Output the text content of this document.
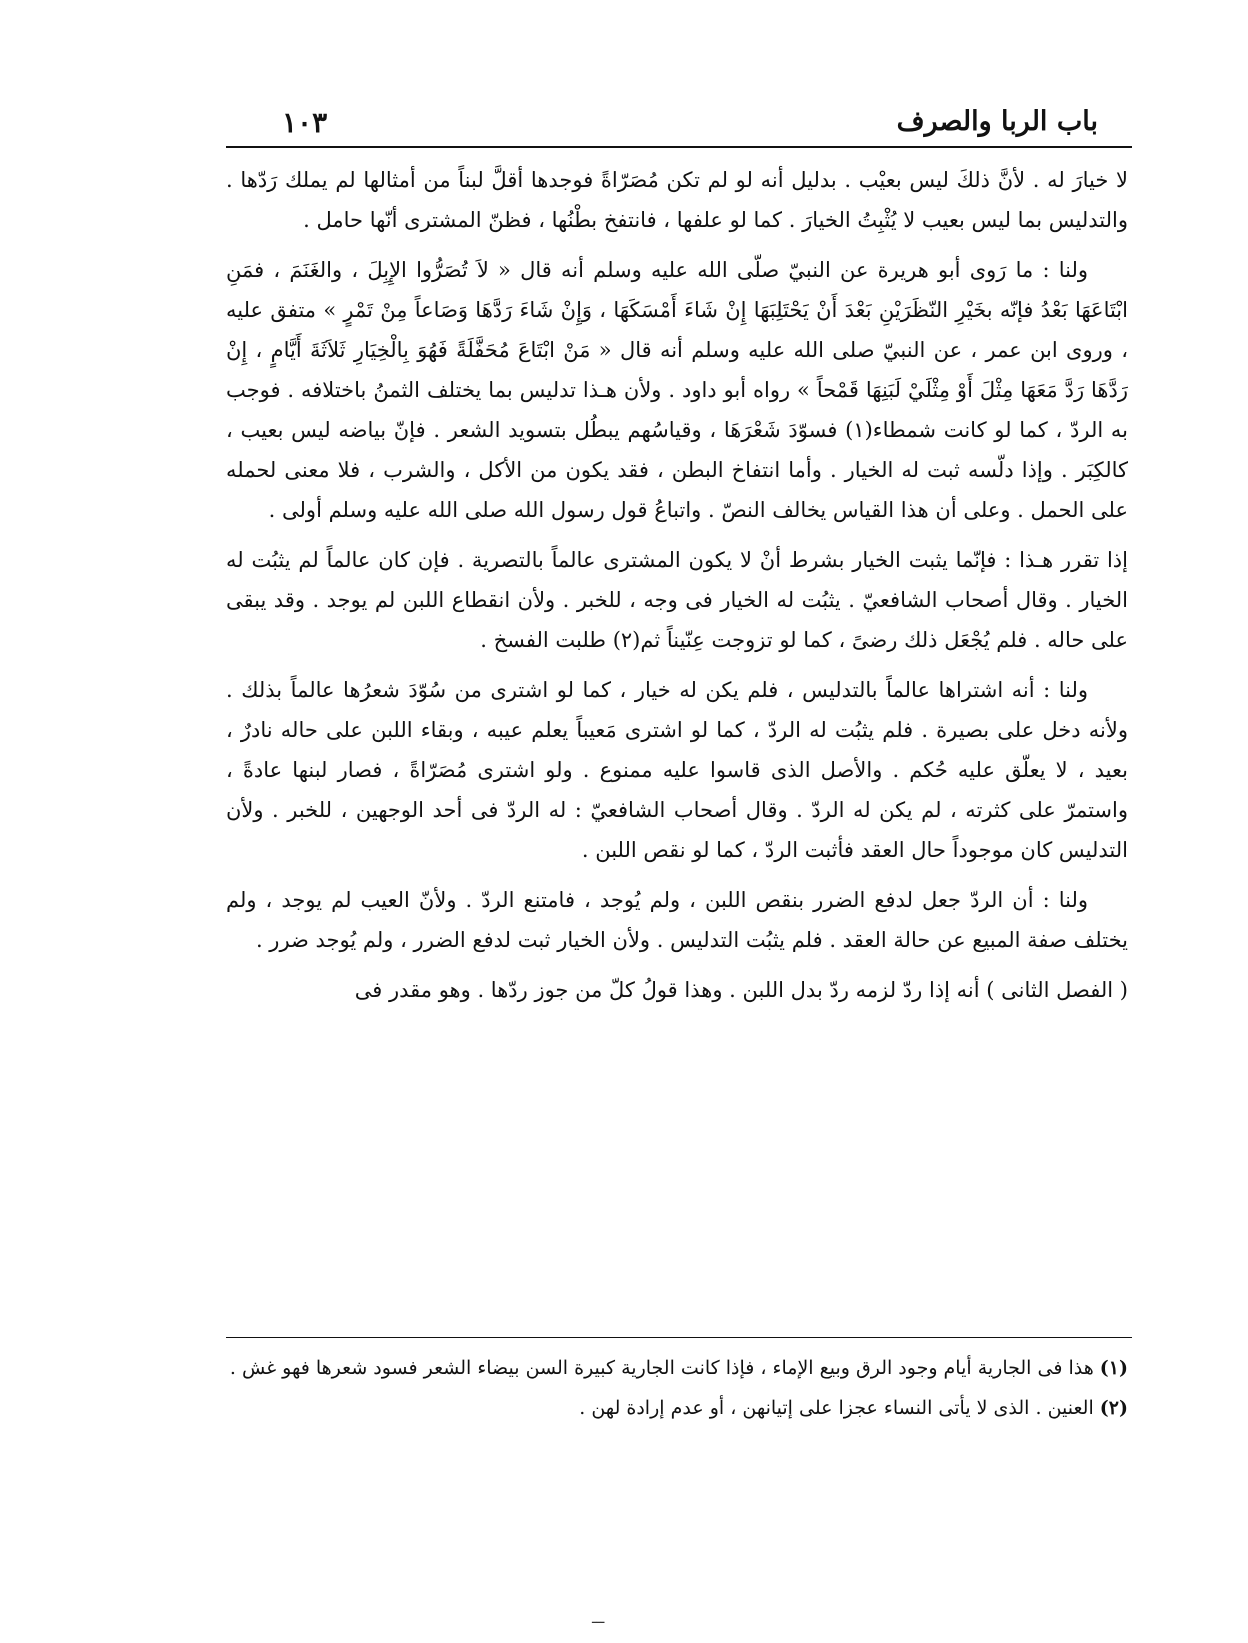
١٠٣	باب الربا والصرف

لا خيارَ له . لأنَّ ذلكَ ليس بعيْب . بدليل أنه لو لم تكن مُصَرّاةً فوجدها أقلَّ لبناً من أمثالها لم يملك رَدّها . والتدليس بما ليس بعيب لا يُثْبِتُ الخيارَ . كما لو علفها ، فانتفخ بطْنُها ، فظنّ المشترى أنّها حامل .

ولنا : ما رَوى أبو هريرة عن النبيّ صلّى الله عليه وسلم أنه قال « لاَ تُصَرُّوا الإِبِلَ ، والغَنَمَ ، فمَنِ ابْتَاعَهَا بَعْدُ فإنّه بخَيْرِ النّظَرَيْنِ بَعْدَ أَنْ يَحْتَلِبَهَا إِنْ شَاءَ أَمْسَكَهَا ، وَإِنْ شَاءَ رَدَّهَا وَصَاعاً مِنْ تَمْرٍ » متفق عليه ، وروى ابن عمر ، عن النبيّ صلى الله عليه وسلم أنه قال « مَنْ ابْتَاعَ مُحَفَّلَةً فَهُوَ بِالْخِيَارِ ثَلاَثَةَ أَيَّامٍ ، إِنْ رَدَّهَا رَدَّ مَعَهَا مِثْلَ أَوْ مِثْلَيْ لَبَنِهَا قَمْحاً » رواه أبو داود . ولأن هـذا تدليس بما يختلف الثمنُ باختلافه . فوجب به الردّ ، كما لو كانت شمطاء(١) فسوّدَ شَعْرَهَا ، وقياسُهم يبطُل بتسويد الشعر . فإنّ بياضه ليس بعيب ، كالكِبَر . وإذا دلّسه ثبت له الخيار . وأما انتفاخ البطن ، فقد يكون من الأكل ، والشرب ، فلا معنى لحمله على الحمل . وعلى أن هذا القياس يخالف النصّ . واتباعُ قول رسول الله صلى الله عليه وسلم أولى .

إذا تقرر هـذا : فإنّما يثبت الخيار بشرط أنْ لا يكون المشترى عالماً بالتصرية . فإن كان عالماً لم يثبُت له الخيار . وقال أصحاب الشافعيّ . يثبُت له الخيار فى وجه ، للخبر . ولأن انقطاع اللبن لم يوجد . وقد يبقى على حاله . فلم يُجْعَل ذلك رضىً ، كما لو تزوجت عِنّيناً ثم(٢) طلبت الفسخ .

ولنا : أنه اشتراها عالماً بالتدليس ، فلم يكن له خيار ، كما لو اشترى من سُوّدَ شعرُها عالماً بذلك . ولأنه دخل على بصيرة . فلم يثبُت له الردّ ، كما لو اشترى مَعيباً يعلم عيبه ، وبقاء اللبن على حاله نادرٌ ، بعيد ، لا يعلّق عليه حُكم . والأصل الذى قاسوا عليه ممنوع . ولو اشترى مُصَرّاةً ، فصار لبنها عادةً ، واستمرّ على كثرته ، لم يكن له الردّ . وقال أصحاب الشافعيّ : له الردّ فى أحد الوجهين ، للخبر . ولأن التدليس كان موجوداً حال العقد فأثبت الردّ ، كما لو نقص اللبن .

ولنا : أن الردّ جعل لدفع الضرر بنقص اللبن ، ولم يُوجد ، فامتنع الردّ . ولأنّ العيب لم يوجد ، ولم يختلف صفة المبيع عن حالة العقد . فلم يثبُت التدليس . ولأن الخيار ثبت لدفع الضرر ، ولم يُوجد ضرر .

( الفصل الثانى ) أنه إذا ردّ لزمه ردّ بدل اللبن . وهذا قولُ كلّ من جوز ردّها . وهو مقدر فى

(١) هذا فى الجارية أيام وجود الرق وبيع الإماء ، فإذا كانت الجارية كبيرة السن بيضاء الشعر فسود شعرها فهو غش .

(٢) العنين . الذى لا يأتى النساء عجزا على إتيانهن ، أو عدم إرادة لهن .

ـــ
